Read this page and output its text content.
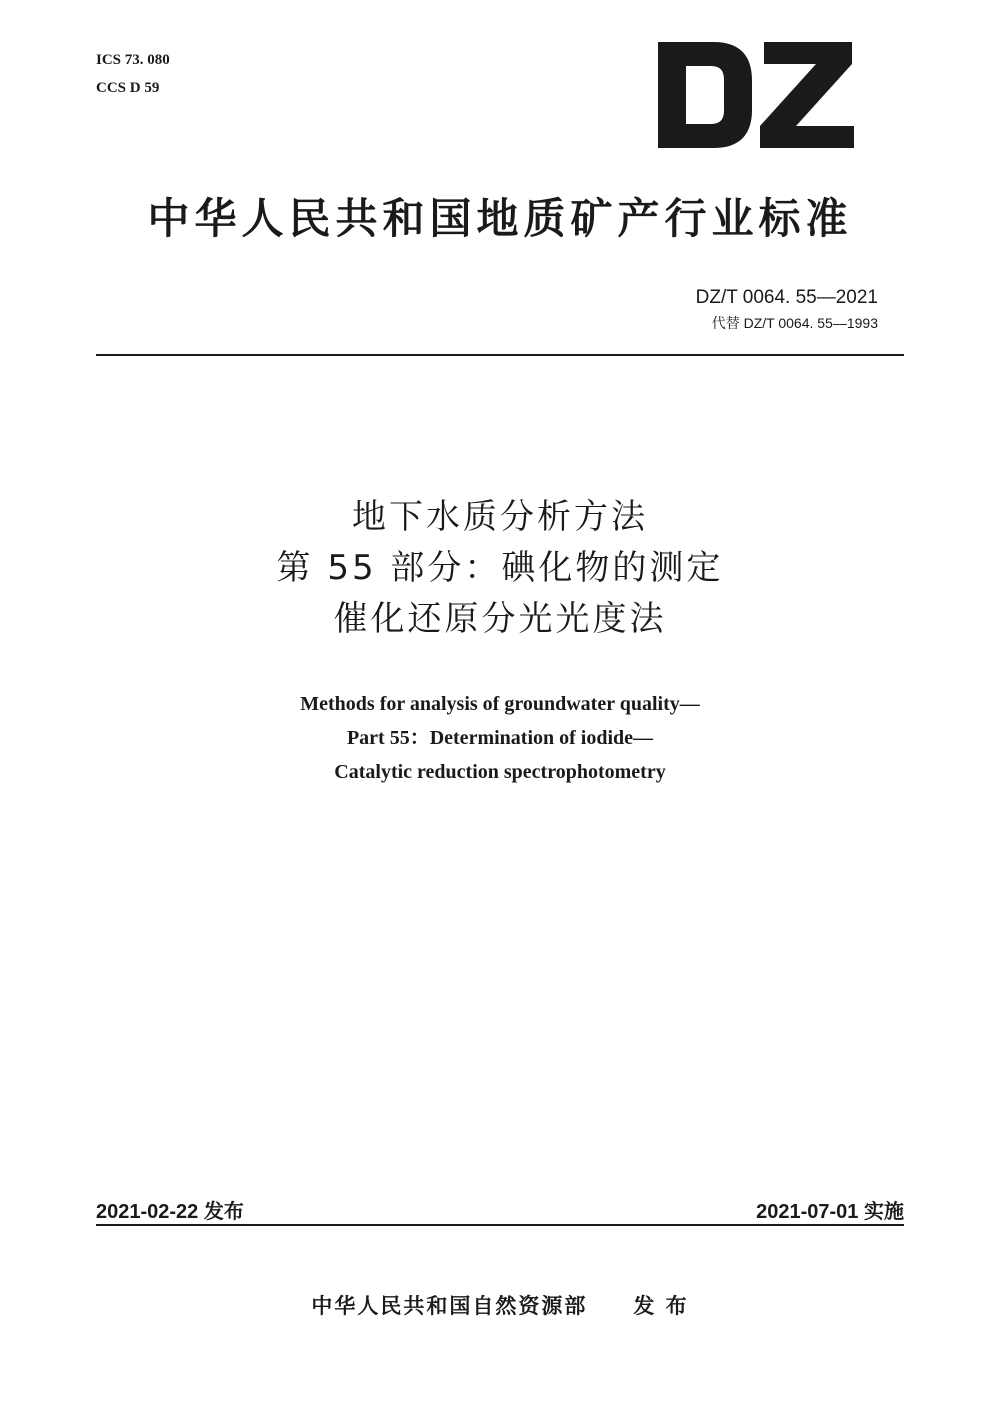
ICS 73. 080
CCS D 59
中华人民共和国地质矿产行业标准
DZ/T 0064. 55—2021
代替 DZ/T 0064. 55—1993
地下水质分析方法
第 55 部分：碘化物的测定
催化还原分光光度法
Methods for analysis of groundwater quality—
Part 55：Determination of iodide—
Catalytic reduction spectrophotometry
2021-02-22 发布	2021-07-01 实施
中华人民共和国自然资源部 发 布
